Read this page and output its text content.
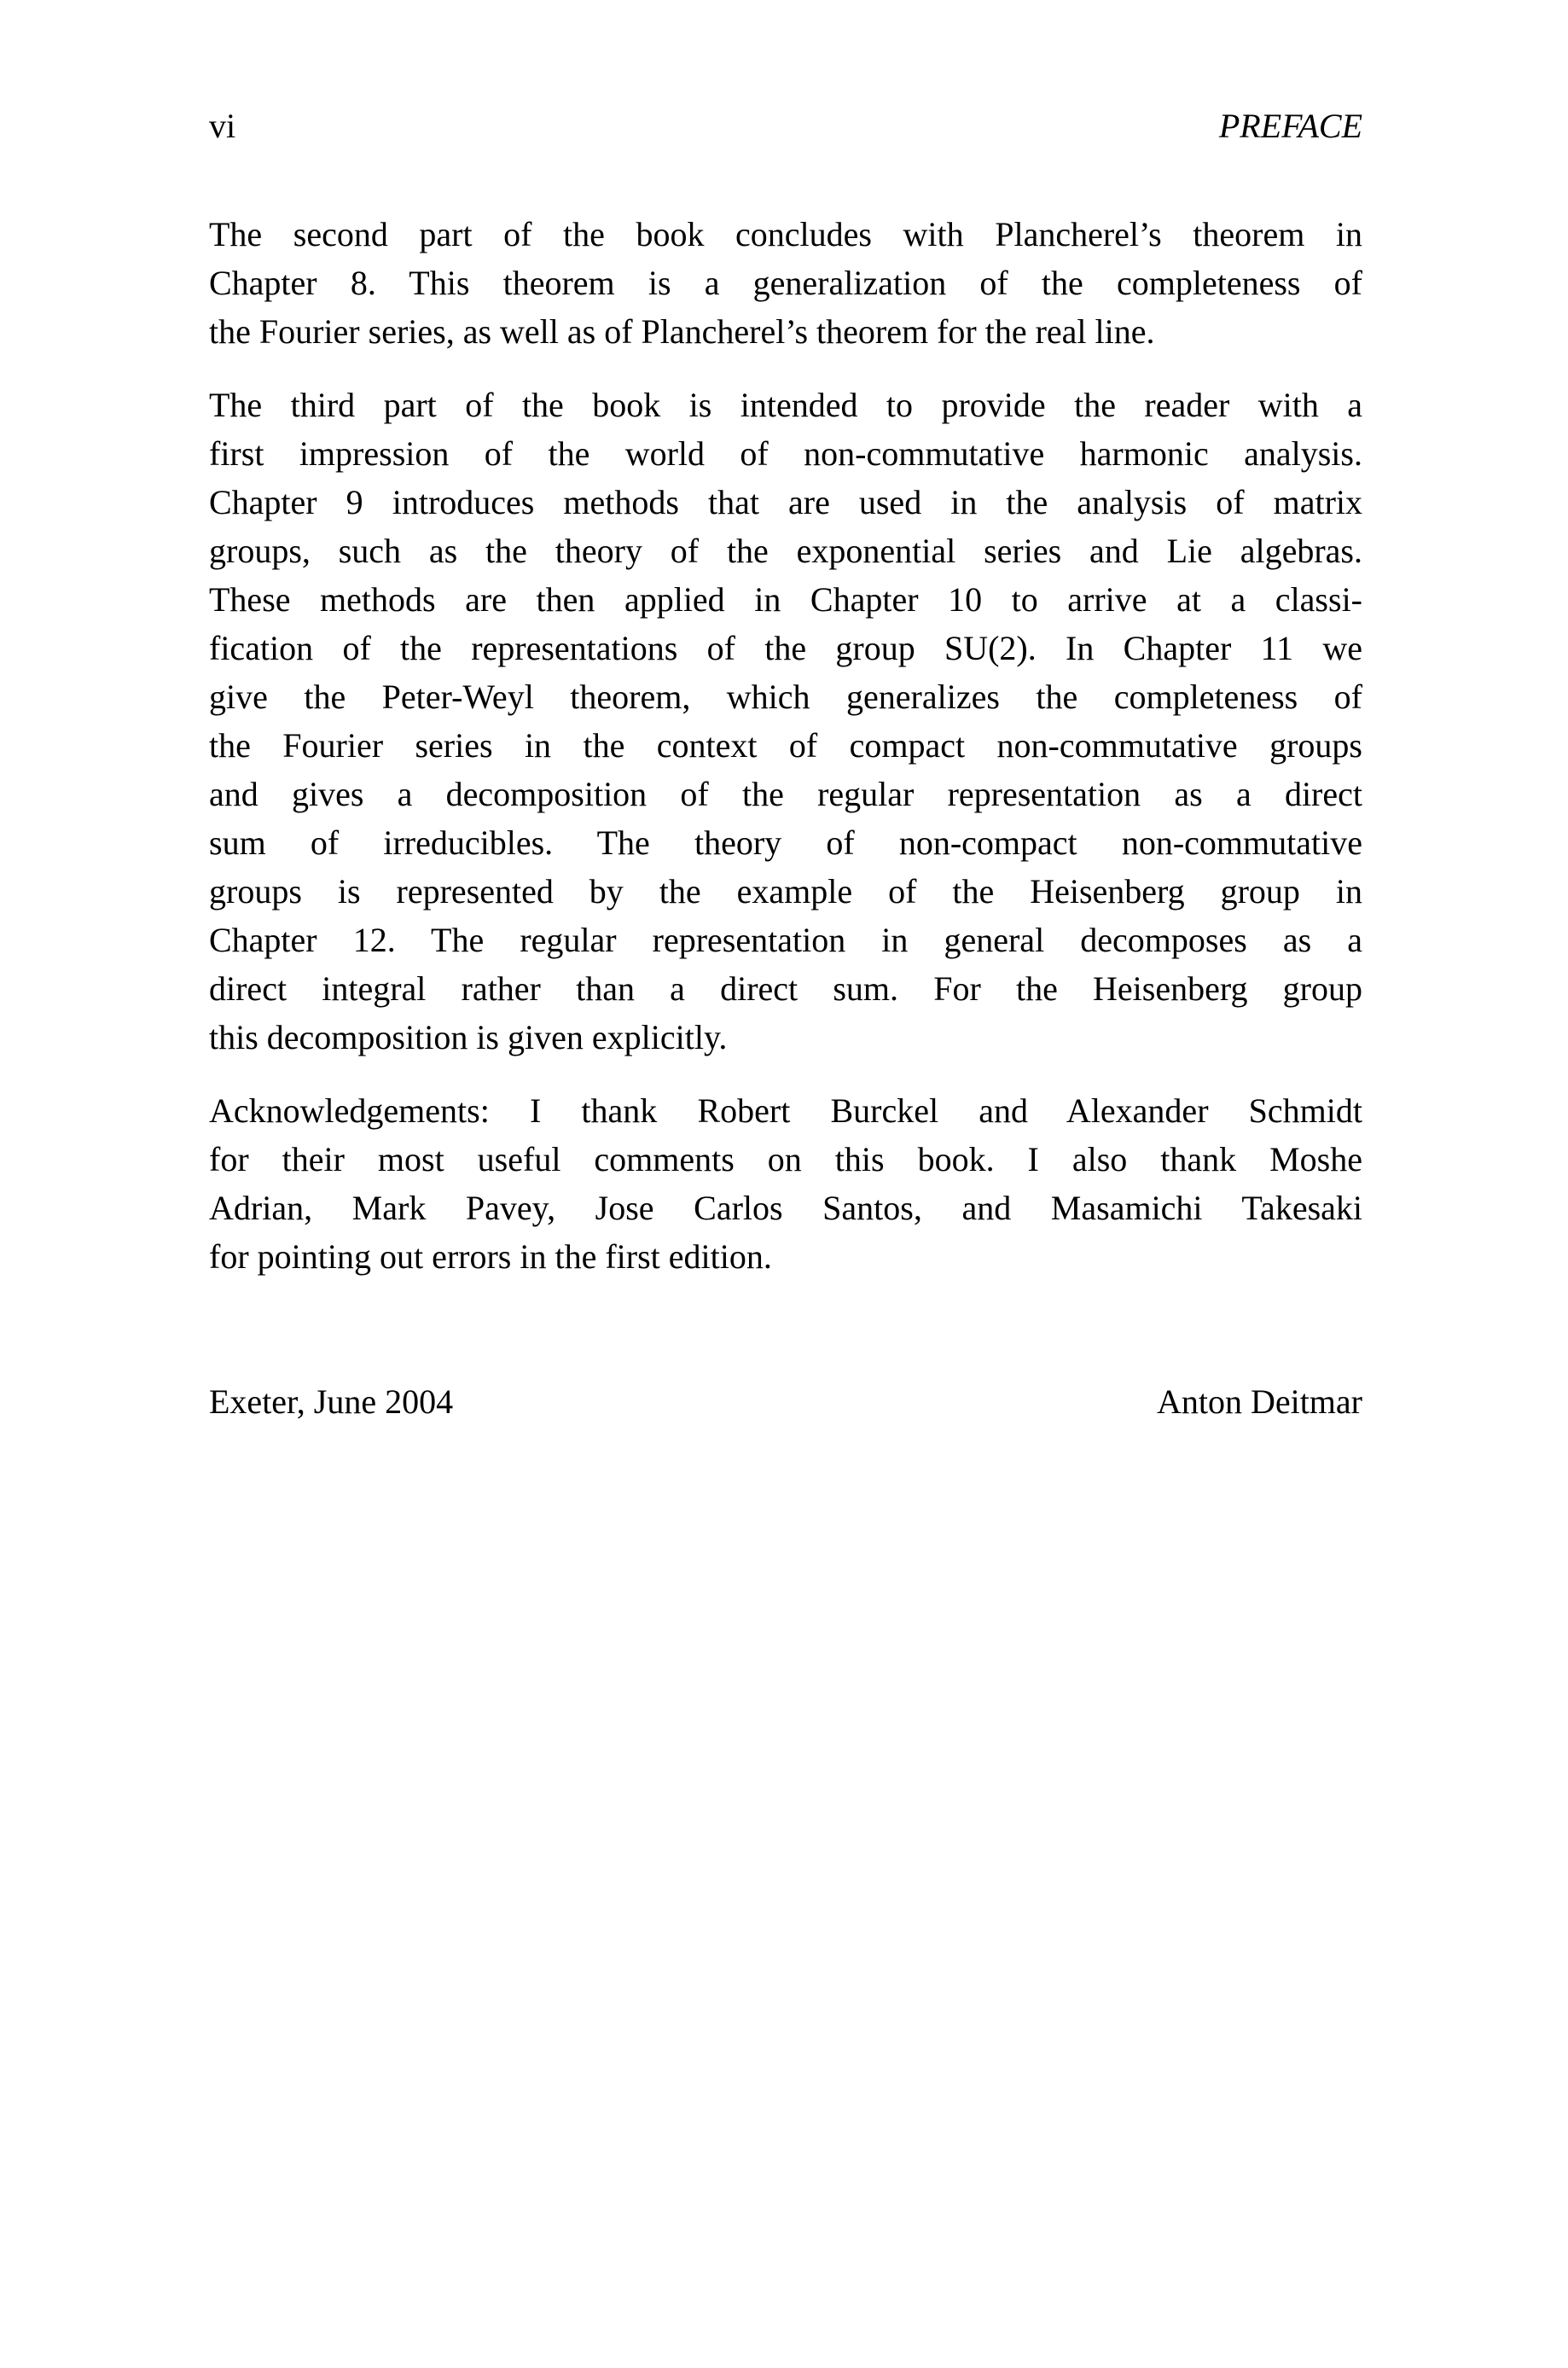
vi	PREFACE
The second part of the book concludes with Plancherel’s theorem in
Chapter 8. This theorem is a generalization of the completeness of
the Fourier series, as well as of Plancherel’s theorem for the real line.
The third part of the book is intended to provide the reader with a
first impression of the world of non-commutative harmonic analysis.
Chapter 9 introduces methods that are used in the analysis of matrix
groups, such as the theory of the exponential series and Lie algebras.
These methods are then applied in Chapter 10 to arrive at a classi-
fication of the representations of the group SU(2). In Chapter 11 we
give the Peter-Weyl theorem, which generalizes the completeness of
the Fourier series in the context of compact non-commutative groups
and gives a decomposition of the regular representation as a direct
sum of irreducibles. The theory of non-compact non-commutative
groups is represented by the example of the Heisenberg group in
Chapter 12. The regular representation in general decomposes as a
direct integral rather than a direct sum. For the Heisenberg group
this decomposition is given explicitly.
Acknowledgements: I thank Robert Burckel and Alexander Schmidt
for their most useful comments on this book. I also thank Moshe
Adrian, Mark Pavey, Jose Carlos Santos, and Masamichi Takesaki
for pointing out errors in the first edition.
Exeter, June 2004	Anton Deitmar
